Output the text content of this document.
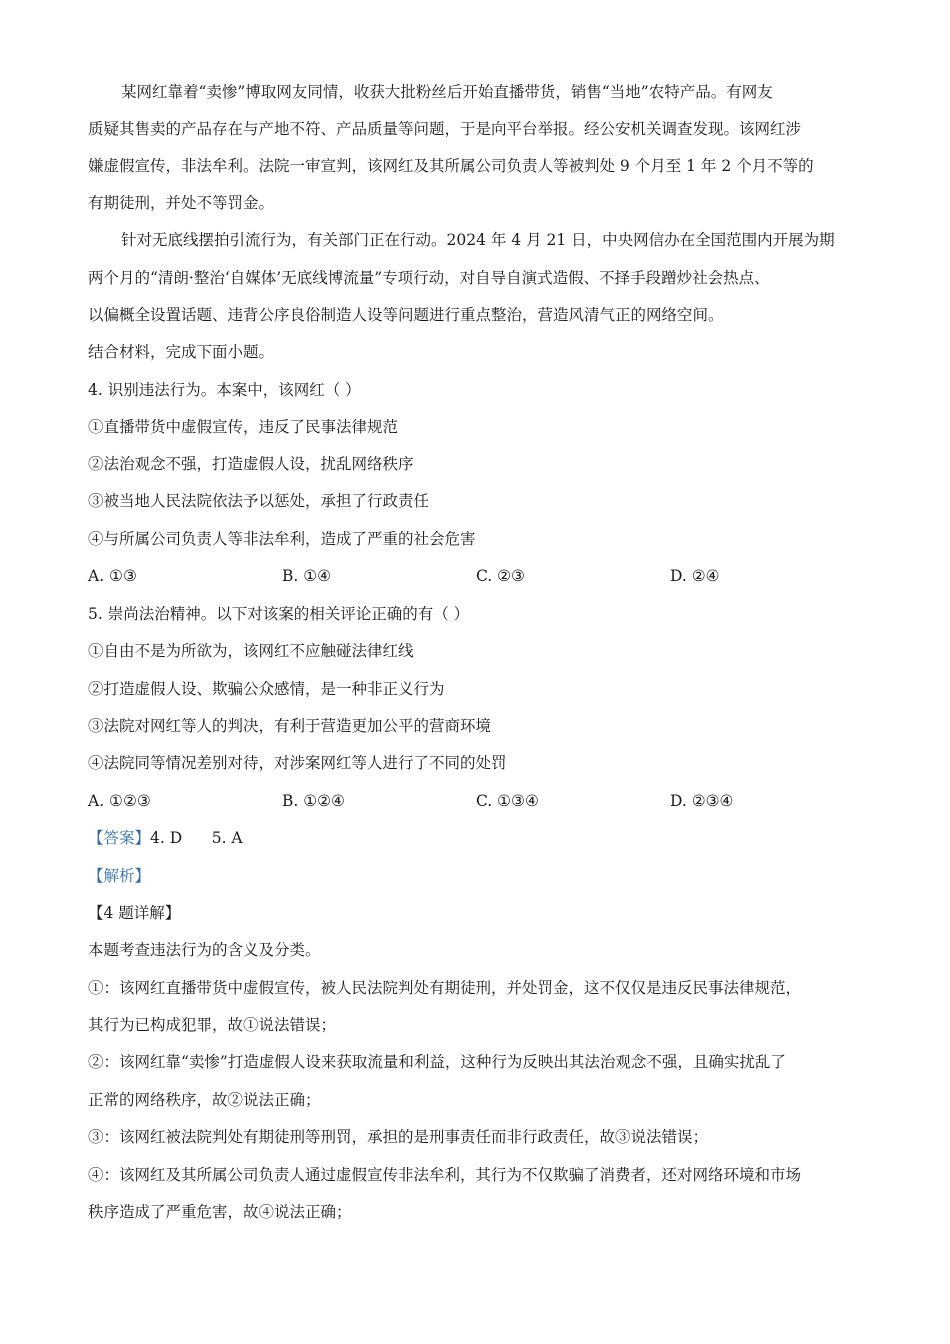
某网红靠着“卖惨”博取网友同情，收获大批粉丝后开始直播带货，销售“当地”农特产品。有网友
质疑其售卖的产品存在与产地不符、产品质量等问题，于是向平台举报。经公安机关调查发现。该网红涉
嫌虚假宣传，非法牟利。法院一审宣判，该网红及其所属公司负责人等被判处 9 个月至 1 年 2 个月不等的
有期徒刑，并处不等罚金。
针对无底线摆拍引流行为，有关部门正在行动。2024 年 4 月 21 日，中央网信办在全国范围内开展为期
两个月的“清朗·整治‘自媒体’无底线博流量”专项行动，对自导自演式造假、不择手段蹭炒社会热点、
以偏概全设置话题、违背公序良俗制造人设等问题进行重点整治，营造风清气正的网络空间。
结合材料，完成下面小题。
4. 识别违法行为。本案中，该网红（ ）
①直播带货中虚假宣传，违反了民事法律规范
②法治观念不强，打造虚假人设，扰乱网络秩序
③被当地人民法院依法予以惩处，承担了行政责任
④与所属公司负责人等非法牟利，造成了严重的社会危害
A. ①③	B. ①④	C. ②③	D. ②④
5. 崇尚法治精神。以下对该案的相关评论正确的有（ ）
①自由不是为所欲为，该网红不应触碰法律红线
②打造虚假人设、欺骗公众感情，是一种非正义行为
③法院对网红等人的判决，有利于营造更加公平的营商环境
④法院同等情况差别对待，对涉案网红等人进行了不同的处罚
A. ①②③	B. ①②④	C. ①③④	D. ②③④
【答案】4. D      5. A
【解析】
【4 题详解】
本题考查违法行为的含义及分类。
①：该网红直播带货中虚假宣传，被人民法院判处有期徒刑，并处罚金，这不仅仅是违反民事法律规范，
其行为已构成犯罪，故①说法错误；
②：该网红靠“卖惨”打造虚假人设来获取流量和利益，这种行为反映出其法治观念不强，且确实扰乱了
正常的网络秩序，故②说法正确；
③：该网红被法院判处有期徒刑等刑罚，承担的是刑事责任而非行政责任，故③说法错误；
④：该网红及其所属公司负责人通过虚假宣传非法牟利，其行为不仅欺骗了消费者，还对网络环境和市场
秩序造成了严重危害，故④说法正确；
